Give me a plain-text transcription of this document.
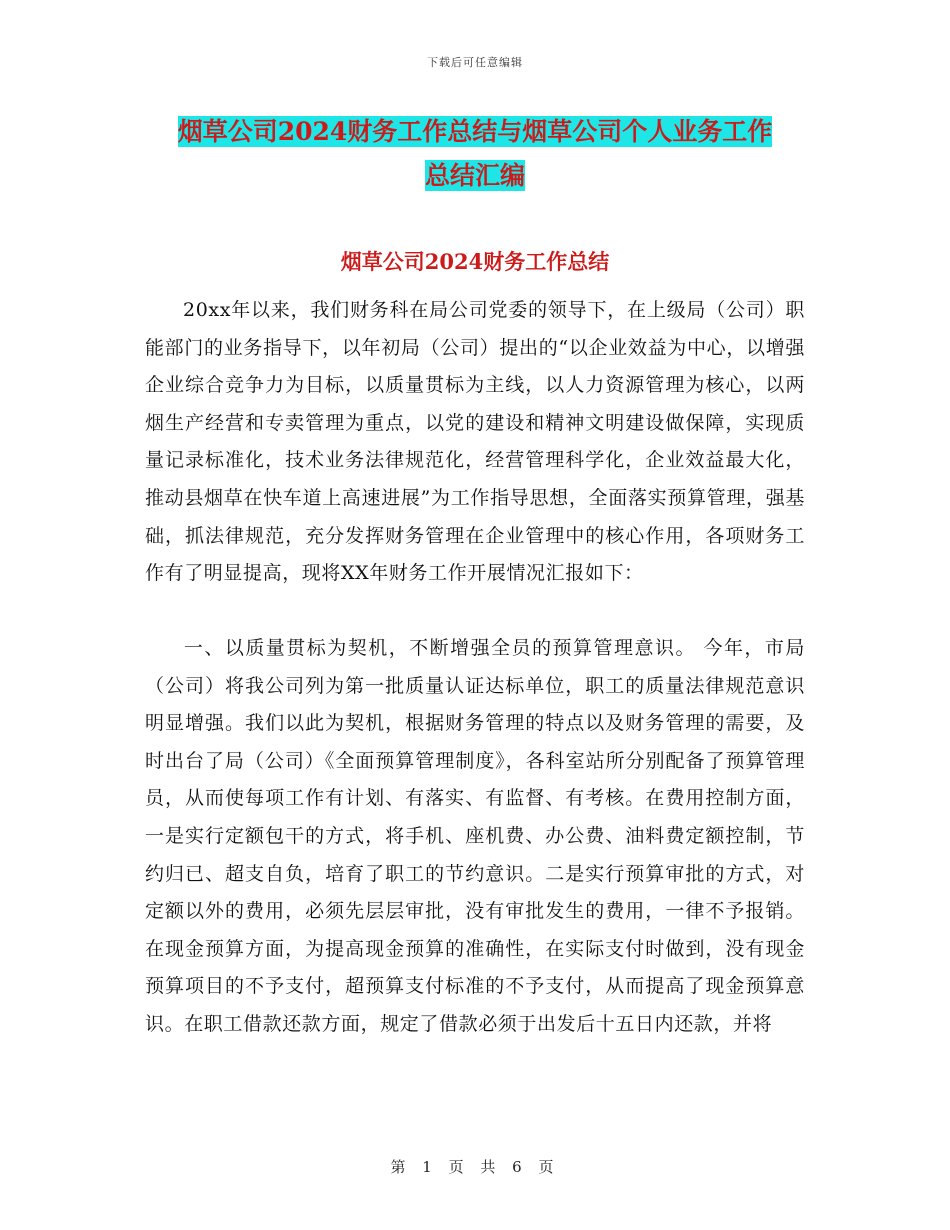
下载后可任意编辑
烟草公司2024财务工作总结与烟草公司个人业务工作
总结汇编
烟草公司2024财务工作总结
20xx年以来，我们财务科在局公司党委的领导下，在上级局（公司）职能部门的业务指导下，以年初局（公司）提出的“以企业效益为中心，以增强企业综合竞争力为目标，以质量贯标为主线，以人力资源管理为核心，以两烟生产经营和专卖管理为重点，以党的建设和精神文明建设做保障，实现质量记录标准化，技术业务法律规范化，经营管理科学化，企业效益最大化，推动县烟草在快车道上高速进展”为工作指导思想，全面落实预算管理，强基础，抓法律规范，充分发挥财务管理在企业管理中的核心作用，各项财务工作有了明显提高，现将XX年财务工作开展情况汇报如下：
一、以质量贯标为契机，不断增强全员的预算管理意识。 今年，市局（公司）将我公司列为第一批质量认证达标单位，职工的质量法律规范意识明显增强。我们以此为契机，根据财务管理的特点以及财务管理的需要，及时出台了局（公司）《全面预算管理制度》，各科室站所分别配备了预算管理员，从而使每项工作有计划、有落实、有监督、有考核。在费用控制方面，一是实行定额包干的方式，将手机、座机费、办公费、油料费定额控制，节约归已、超支自负，培育了职工的节约意识。二是实行预算审批的方式，对定额以外的费用，必须先层层审批，没有审批发生的费用，一律不予报销。在现金预算方面，为提高现金预算的准确性，在实际支付时做到，没有现金预算项目的不予支付，超预算支付标准的不予支付，从而提高了现金预算意识。在职工借款还款方面，规定了借款必须于出发后十五日内还款，并将
第 1 页 共 6 页
